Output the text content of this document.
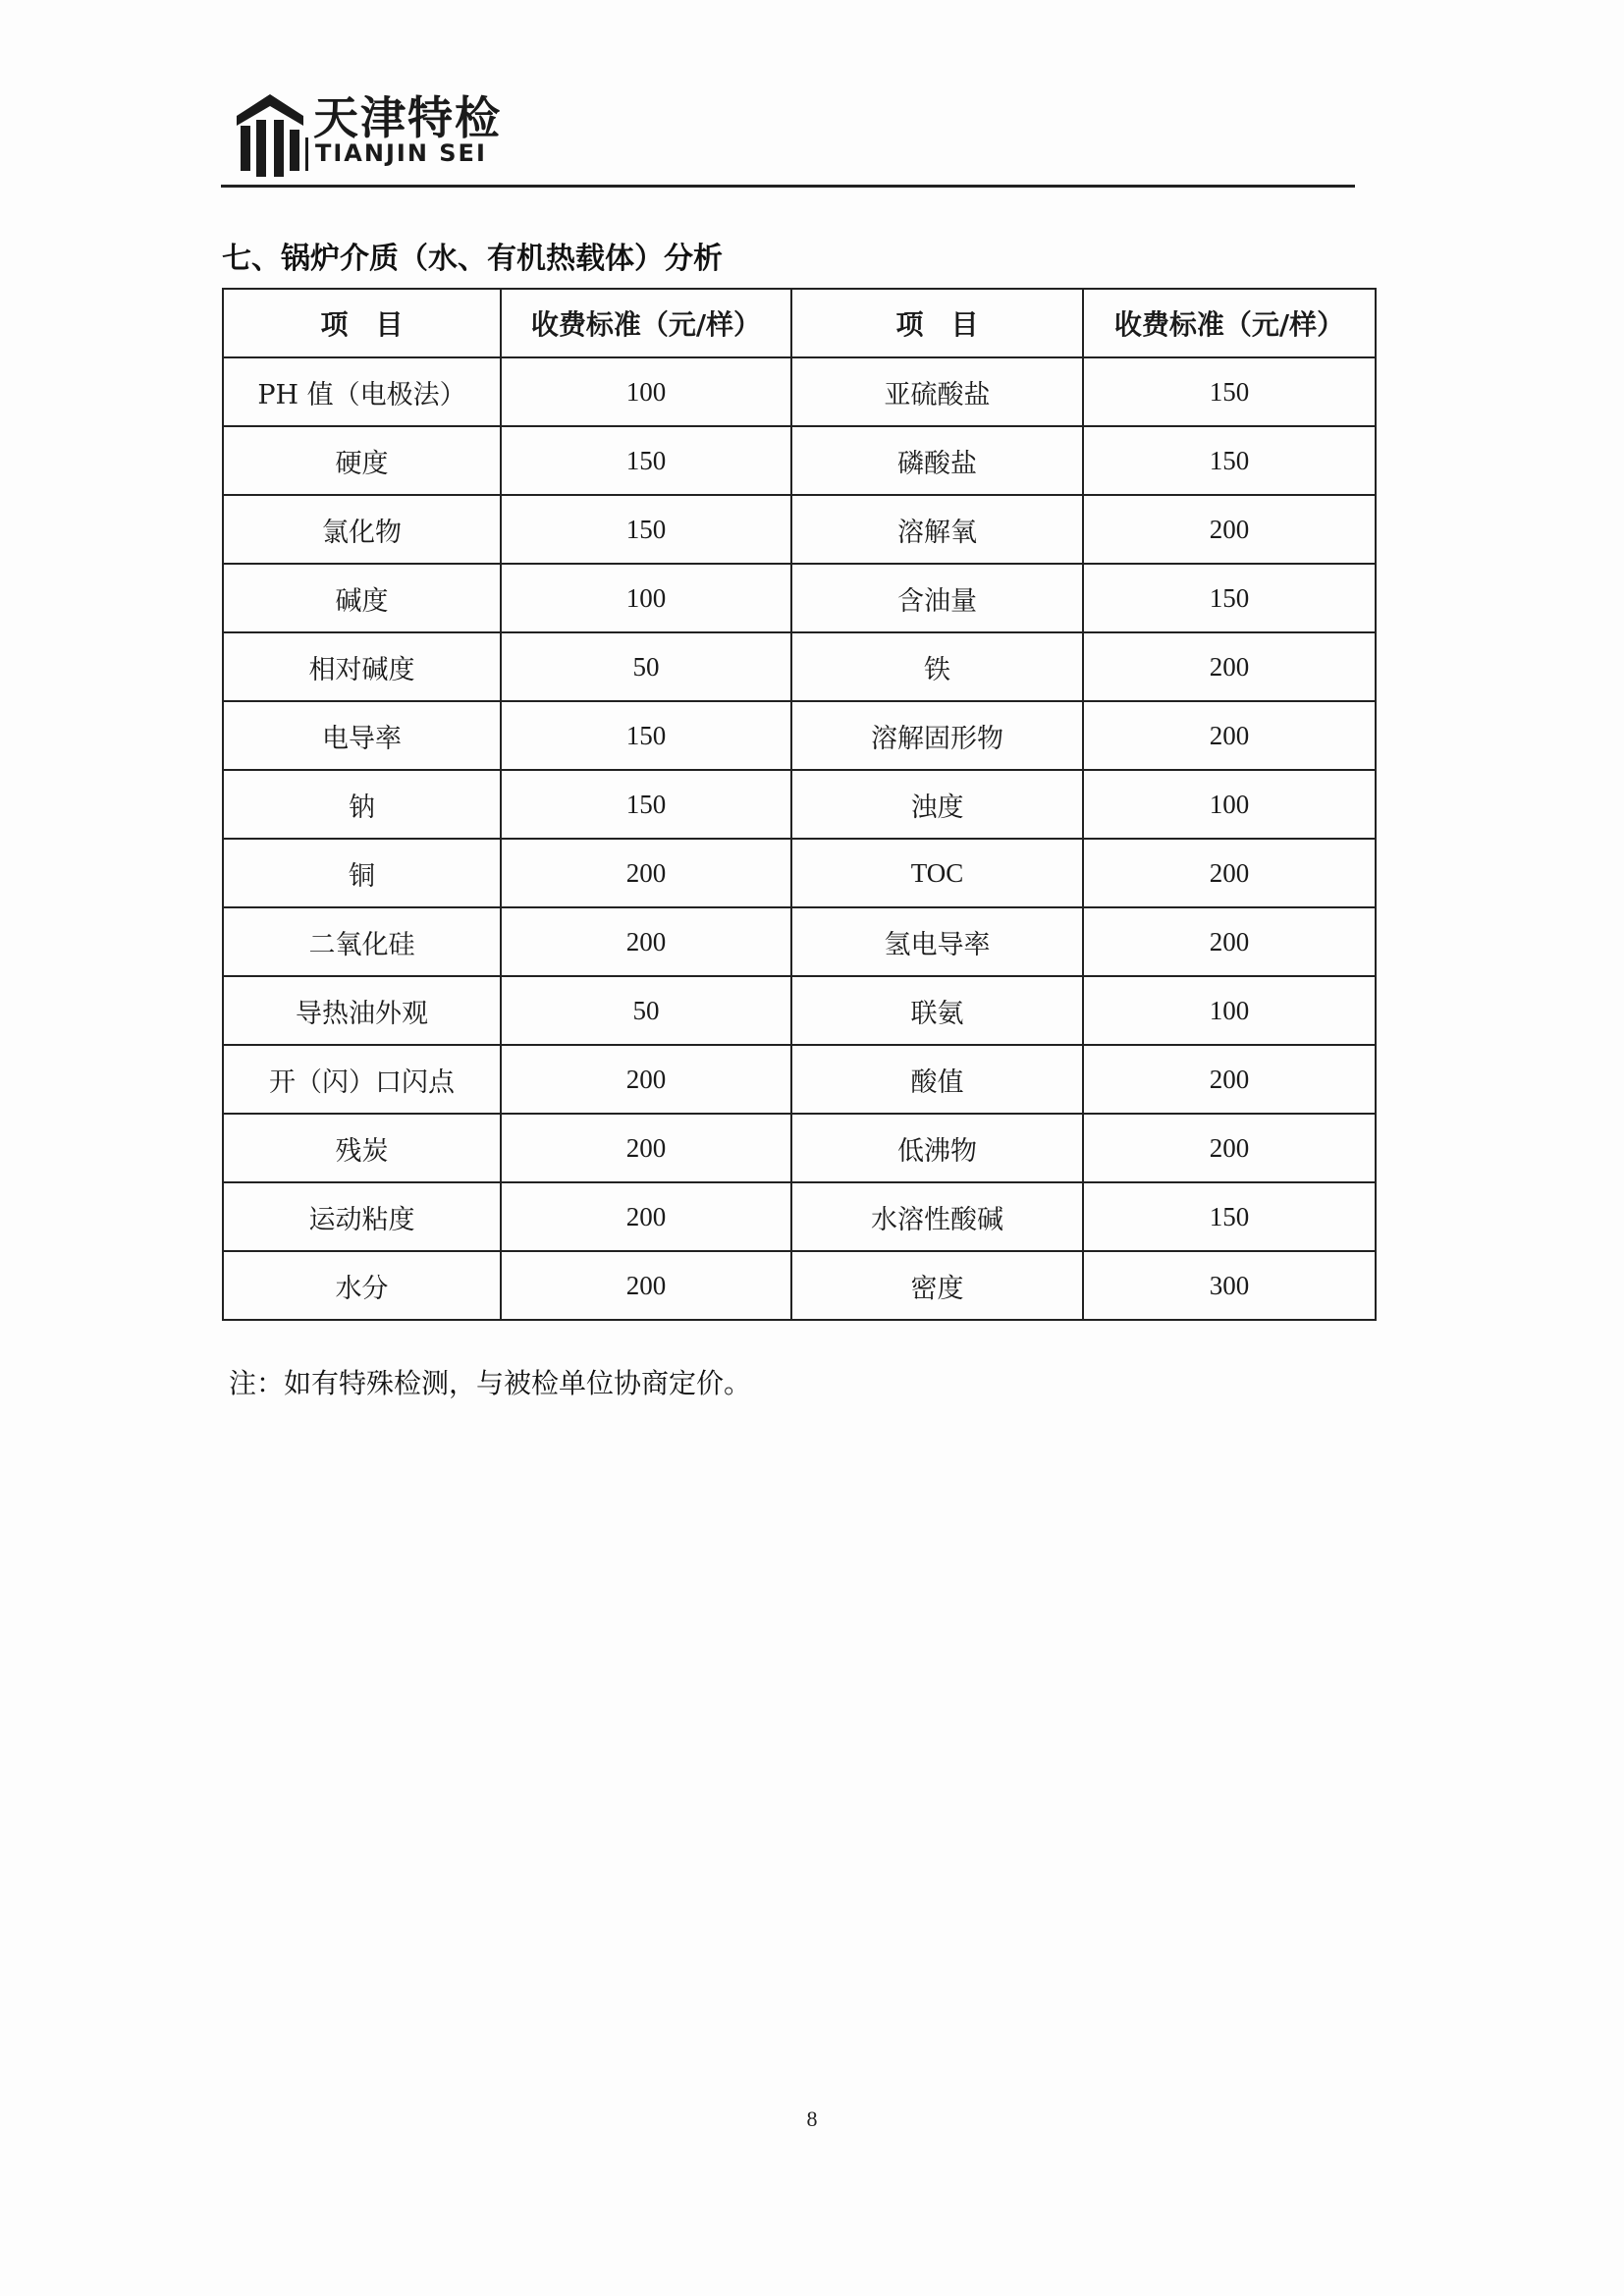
天津特检
TIANJIN SEI
七、锅炉介质（水、有机热载体）分析
项　目	收费标准（元/样）	项　目	收费标准（元/样）
PH 值（电极法）	100	亚硫酸盐	150
硬度	150	磷酸盐	150
氯化物	150	溶解氧	200
碱度	100	含油量	150
相对碱度	50	铁	200
电导率	150	溶解固形物	200
钠	150	浊度	100
铜	200	TOC	200
二氧化硅	200	氢电导率	200
导热油外观	50	联氨	100
开（闪）口闪点	200	酸值	200
残炭	200	低沸物	200
运动粘度	200	水溶性酸碱	150
水分	200	密度	300
注：如有特殊检测，与被检单位协商定价。
8
